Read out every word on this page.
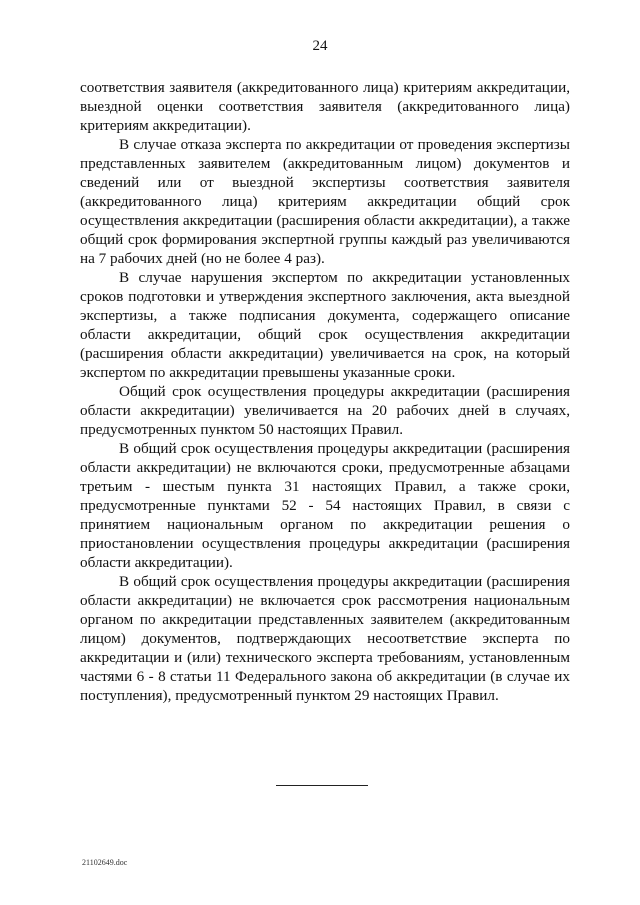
24

соответствия заявителя (аккредитованного лица) критериям аккредитации, выездной оценки соответствия заявителя (аккредитованного лица) критериям аккредитации).

В случае отказа эксперта по аккредитации от проведения экспертизы представленных заявителем (аккредитованным лицом) документов и сведений или от выездной экспертизы соответствия заявителя (аккредитованного лица) критериям аккредитации общий срок осуществления аккредитации (расширения области аккредитации), а также общий срок формирования экспертной группы каждый раз увеличиваются на 7 рабочих дней (но не более 4 раз).

В случае нарушения экспертом по аккредитации установленных сроков подготовки и утверждения экспертного заключения, акта выездной экспертизы, а также подписания документа, содержащего описание области аккредитации, общий срок осуществления аккредитации (расширения области аккредитации) увеличивается на срок, на который экспертом по аккредитации превышены указанные сроки.

Общий срок осуществления процедуры аккредитации (расширения области аккредитации) увеличивается на 20 рабочих дней в случаях, предусмотренных пунктом 50 настоящих Правил.

В общий срок осуществления процедуры аккредитации (расширения области аккредитации) не включаются сроки, предусмотренные абзацами третьим - шестым пункта 31 настоящих Правил, а также сроки, предусмотренные пунктами 52 - 54 настоящих Правил, в связи с принятием национальным органом по аккредитации решения о приостановлении осуществления процедуры аккредитации (расширения области аккредитации).

В общий срок осуществления процедуры аккредитации (расширения области аккредитации) не включается срок рассмотрения национальным органом по аккредитации представленных заявителем (аккредитованным лицом) документов, подтверждающих несоответствие эксперта по аккредитации и (или) технического эксперта требованиям, установленным частями 6 - 8 статьи 11 Федерального закона об аккредитации (в случае их поступления), предусмотренный пунктом 29 настоящих Правил.

21102649.doc
